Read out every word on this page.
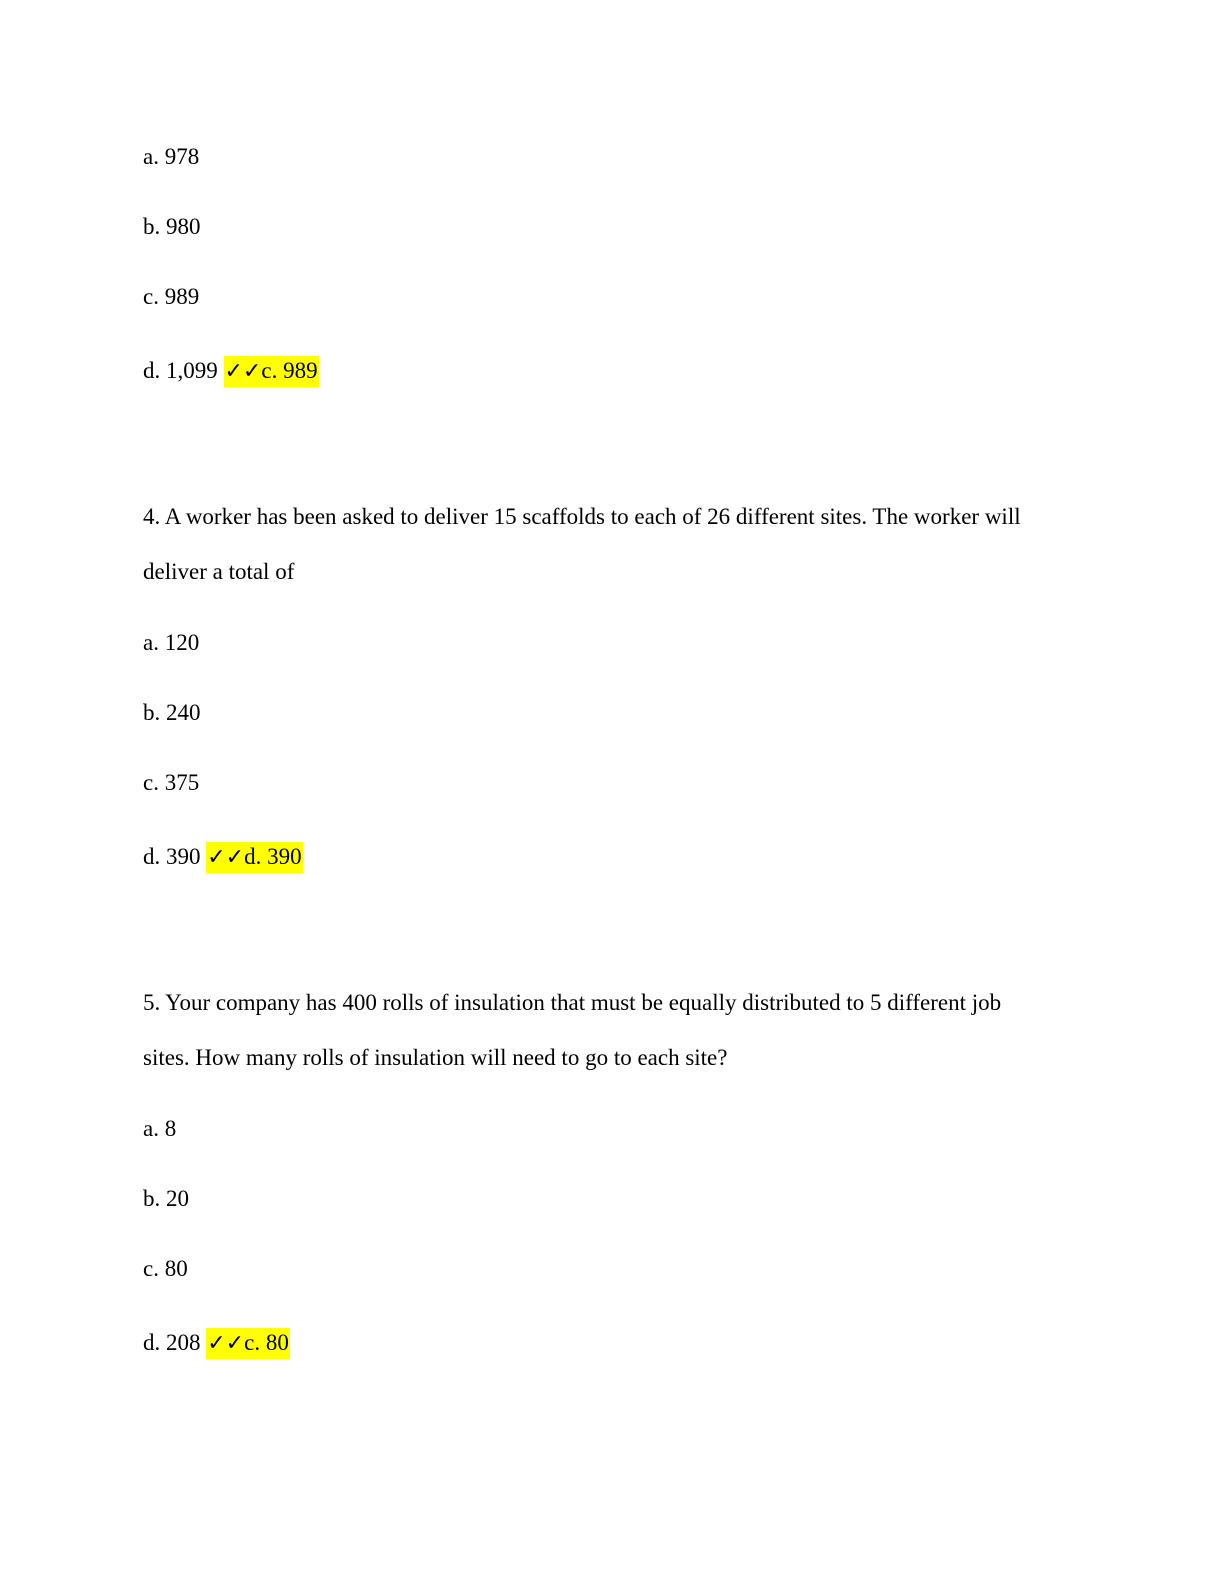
a. 978
b. 980
c. 989
d. 1,099 ✓✓c. 989
4. A worker has been asked to deliver 15 scaffolds to each of 26 different sites. The worker will
deliver a total of
a. 120
b. 240
c. 375
d. 390 ✓✓d. 390
5. Your company has 400 rolls of insulation that must be equally distributed to 5 different job
sites. How many rolls of insulation will need to go to each site?
a. 8
b. 20
c. 80
d. 208 ✓✓c. 80
